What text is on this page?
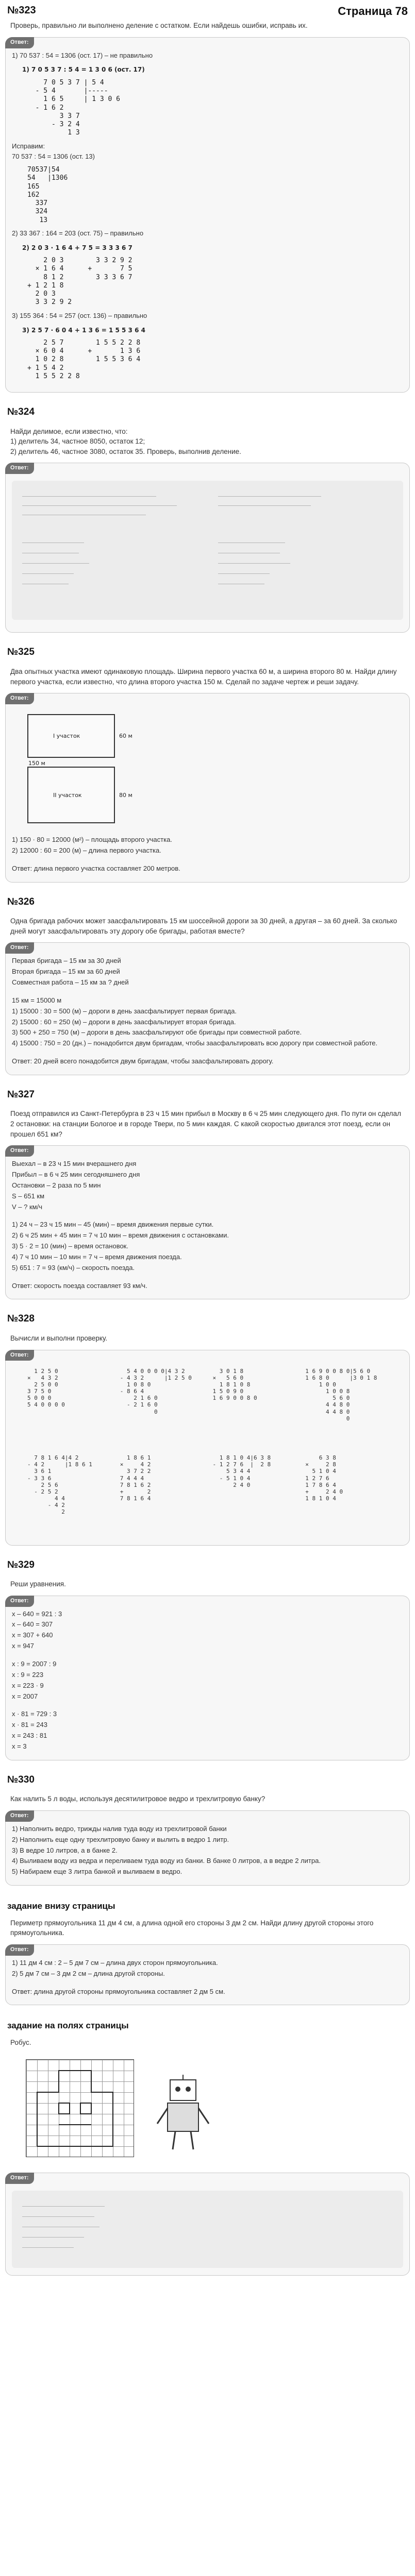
№323	Страница 78
Проверь, правильно ли выполнено деление с остатком. Если найдешь ошибки, исправь их.
Ответ:

1) 70 537 : 54 = 1306 (ост. 17) – не правильно

1) 7 0 5 3 7 : 5 4 = 1 3 0 6 (ост. 17)
7 0 5 3 7 | 5 4
- 5 4       |-----
1 6 5     | 1 3 0 6
- 1 6 2
3 3 7
- 3 2 4
1 3

Исправим:

70 537 : 54 = 1306 (ост. 13)

70537|54
54   |1306
165
162
337
324
13

2) 33 367 : 164 = 203 (ост. 75) – правильно

2) 2 0 3 · 1 6 4 + 7 5 = 3 3 3 6 7
2 0 3        3 3 2 9 2
× 1 6 4      +       7 5
8 1 2        3 3 3 6 7
+ 1 2 1 8
2 0 3
3 3 2 9 2

3) 155 364 : 54 = 257 (ост. 136) – правильно

3) 2 5 7 · 6 0 4 + 1 3 6 = 1 5 5 3 6 4
2 5 7        1 5 5 2 2 8
× 6 0 4      +       1 3 6
1 0 2 8        1 5 5 3 6 4
+ 1 5 4 2
1 5 5 2 2 8
№324
Найди делимое, если известно, что:
1) делитель 34, частное 8050, остаток 12;
2) делитель 46, частное 3080, остаток 35. Проверь, выполнив деление.
Ответ:
№325
Два опытных участка имеют одинаковую площадь. Ширина первого участка 60 м, а ширина второго 80 м. Найди длину первого участка, если известно, что длина второго участка 150 м. Сделай по задаче чертеж и реши задачу.
Ответ:
I участок	60 м
150 м
II участок	80 м

1) 150 · 80 = 12000 (м²) – площадь второго участка.

2) 12000 : 60 = 200 (м) – длина первого участка.

Ответ: длина первого участка составляет 200 метров.

№326
Одна бригада рабочих может заасфальтировать 15 км шоссейной дороги за 30 дней, а другая – за 60 дней. За сколько дней могут заасфальтировать эту дорогу обе бригады, работая вместе?
Ответ:

Первая бригада – 15 км за 30 дней

Вторая бригада – 15 км за 60 дней

Совместная работа – 15 км за ? дней

15 км = 15000 м

1) 15000 : 30 = 500 (м) – дороги в день заасфальтирует первая бригада.

2) 15000 : 60 = 250 (м) – дороги в день заасфальтирует вторая бригада.

3) 500 + 250 = 750 (м) – дороги в день заасфальтируют обе бригады при совместной работе.

4) 15000 : 750 = 20 (дн.) – понадобится двум бригадам, чтобы заасфальтировать всю дорогу при совместной работе.

Ответ: 20 дней всего понадобится двум бригадам, чтобы заасфальтировать дорогу.

№327
Поезд отправился из Санкт-Петербурга в 23 ч 15 мин прибыл в Москву в 6 ч 25 мин следующего дня. По пути он сделал 2 остановки: на станции Бологое и в городе Твери, по 5 мин каждая. С какой скоростью двигался этот поезд, если он прошел 651 км?
Ответ:

Выехал – в 23 ч 15 мин вчерашнего дня

Прибыл – в 6 ч 25 мин сегодняшнего дня

Остановки – 2 раза по 5 мин

S – 651 км

V – ? км/ч

1) 24 ч – 23 ч 15 мин – 45 (мин) – время движения первые сутки.

2) 6 ч 25 мин + 45 мин = 7 ч 10 мин – время движения с остановками.

3) 5 · 2 = 10 (мин) – время остановок.

4) 7 ч 10 мин – 10 мин = 7 ч – время движения поезда.

5) 651 : 7 = 93 (км/ч) – скорость поезда.

Ответ: скорость поезда составляет 93 км/ч.

№328
Вычисли и выполни проверку.
Ответ:
1 2 5 0
×   4 3 2
2 5 0 0
3 7 5 0
5 0 0 0
5 4 0 0 0 0
5 4 0 0 0 0|4 3 2
- 4 3 2      |1 2 5 0
1 0 8 0
- 8 6 4
2 1 6 0
- 2 1 6 0
0
3 0 1 8
×   5 6 0
1 8 1 0 8
1 5 0 9 0
1 6 9 0 0 8 0
1 6 9 0 0 8 0|5 6 0
1 6 8 0      |3 0 1 8
1 0 0
1 0 0 8
5 6 0
4 4 8 0
4 4 8 0
0
7 8 1 6 4|4 2
- 4 2      |1 8 6 1
3 6 1
- 3 3 6
2 5 6
- 2 5 2
4 4
- 4 2
2
1 8 6 1
×     4 2
3 7 2 2
7 4 4 4
7 8 1 6 2
+       2
7 8 1 6 4
1 8 1 0 4|6 3 8
- 1 2 7 6  |  2 8
5 3 4 4
- 5 1 0 4
2 4 0
6 3 8
×     2 8
5 1 0 4
1 2 7 6
1 7 8 6 4
+     2 4 0
1 8 1 0 4
№329
Реши уравнения.
Ответ:

x – 640 = 921 : 3

x – 640 = 307

x = 307 + 640

x = 947

x : 9 = 2007 : 9

x : 9 = 223

x = 223 · 9

x = 2007

x · 81 = 729 : 3

x · 81 = 243

x = 243 : 81

x = 3

№330
Как налить 5 л воды, используя десятилитровое ведро и трехлитровую банку?
Ответ:

1) Наполнить ведро, трижды налив туда воду из трехлитровой банки

2) Наполнить еще одну трехлитровую банку и вылить в ведро 1 литр.

3) В ведре 10 литров, а в банке 2.

4) Выливаем воду из ведра и переливаем туда воду из банки. В банке 0 литров, а в ведре 2 литра.

5) Набираем еще 3 литра банкой и выливаем в ведро.

задание внизу страницы
Периметр прямоугольника 11 дм 4 см, а длина одной его стороны 3 дм 2 см. Найди длину другой стороны этого прямоугольника.
Ответ:

1) 11 дм 4 см : 2 – 5 дм 7 см – длина двух сторон прямоугольника.

2) 5 дм 7 см – 3 дм 2 см – длина другой стороны.

Ответ: длина другой стороны прямоугольника составляет 2 дм 5 см.

задание на полях страницы
Робус.
Ответ:
